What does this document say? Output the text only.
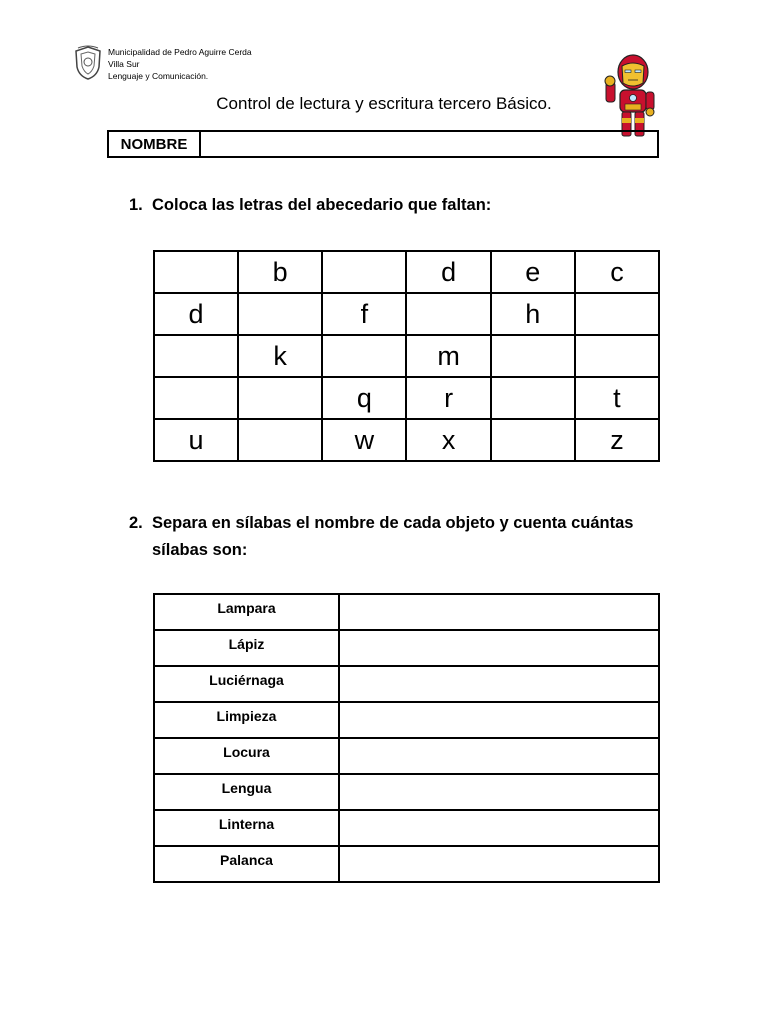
Municipalidad de Pedro Aguirre Cerda
Villa Sur
Lenguaje y Comunicación.
Control de lectura y escritura tercero Básico.
NOMBRE
1. Coloca las letras del abecedario que faltan:
	b		d	e	c
d		f		h	
	k		m		
		q	r		t
u		w	x		z
2. Separa en sílabas el nombre de cada objeto y cuenta cuántas sílabas son:
Lampara	
Lápiz	
Luciérnaga	
Limpieza	
Locura	
Lengua	
Linterna	
Palanca	
